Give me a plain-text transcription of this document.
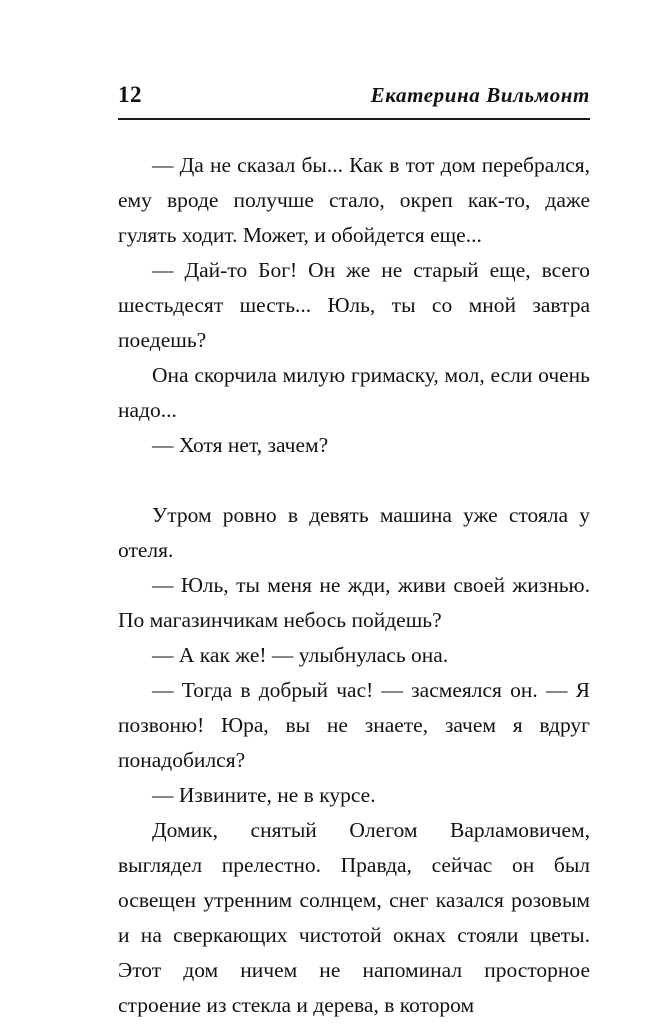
12	Екатерина Вильмонт

— Да не сказал бы... Как в тот дом перебрался, ему вроде получше стало, окреп как-то, даже гулять ходит. Может, и обойдется еще...

— Дай-то Бог! Он же не старый еще, всего шестьдесят шесть... Юль, ты со мной завтра поедешь?

Она скорчила милую гримаску, мол, если очень надо...

— Хотя нет, зачем?

Утром ровно в девять машина уже стояла у отеля.

— Юль, ты меня не жди, живи своей жизнью. По магазинчикам небось пойдешь?

— А как же! — улыбнулась она.

— Тогда в добрый час! — засмеялся он. — Я позвоню! Юра, вы не знаете, зачем я вдруг понадобился?

— Извините, не в курсе.

Домик, снятый Олегом Варламовичем, выглядел прелестно. Правда, сейчас он был освещен утренним солнцем, снег казался розовым и на сверкающих чистотой окнах стояли цветы. Этот дом ничем не напоминал просторное строение из стекла и дерева, в котором
